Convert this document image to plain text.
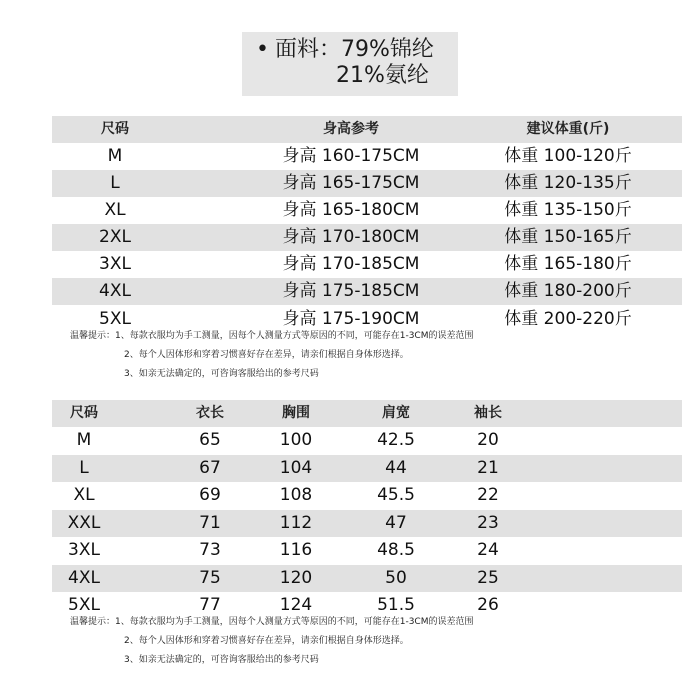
• 面料：79%锦纶
21%氨纶
尺码	身高参考	建议体重(斤)
M	身高 160-175CM	体重 100-120斤
L	身高 165-175CM	体重 120-135斤
XL	身高 165-180CM	体重 135-150斤
2XL	身高 170-180CM	体重 150-165斤
3XL	身高 170-185CM	体重 165-180斤
4XL	身高 175-185CM	体重 180-200斤
5XL	身高 175-190CM	体重 200-220斤
温馨提示：1、每款衣服均为手工测量，因每个人测量方式等原因的不同，可能存在1-3CM的误差范围
2、每个人因体形和穿着习惯喜好存在差异，请亲们根据自身体形选择。
3、如亲无法确定的，可咨询客服给出的参考尺码
尺码	衣长	胸围	肩宽	袖长
M	65	100	42.5	20
L	67	104	44	21
XL	69	108	45.5	22
XXL	71	112	47	23
3XL	73	116	48.5	24
4XL	75	120	50	25
5XL	77	124	51.5	26
温馨提示：1、每款衣服均为手工测量，因每个人测量方式等原因的不同，可能存在1-3CM的误差范围
2、每个人因体形和穿着习惯喜好存在差异，请亲们根据自身体形选择。
3、如亲无法确定的，可咨询客服给出的参考尺码
